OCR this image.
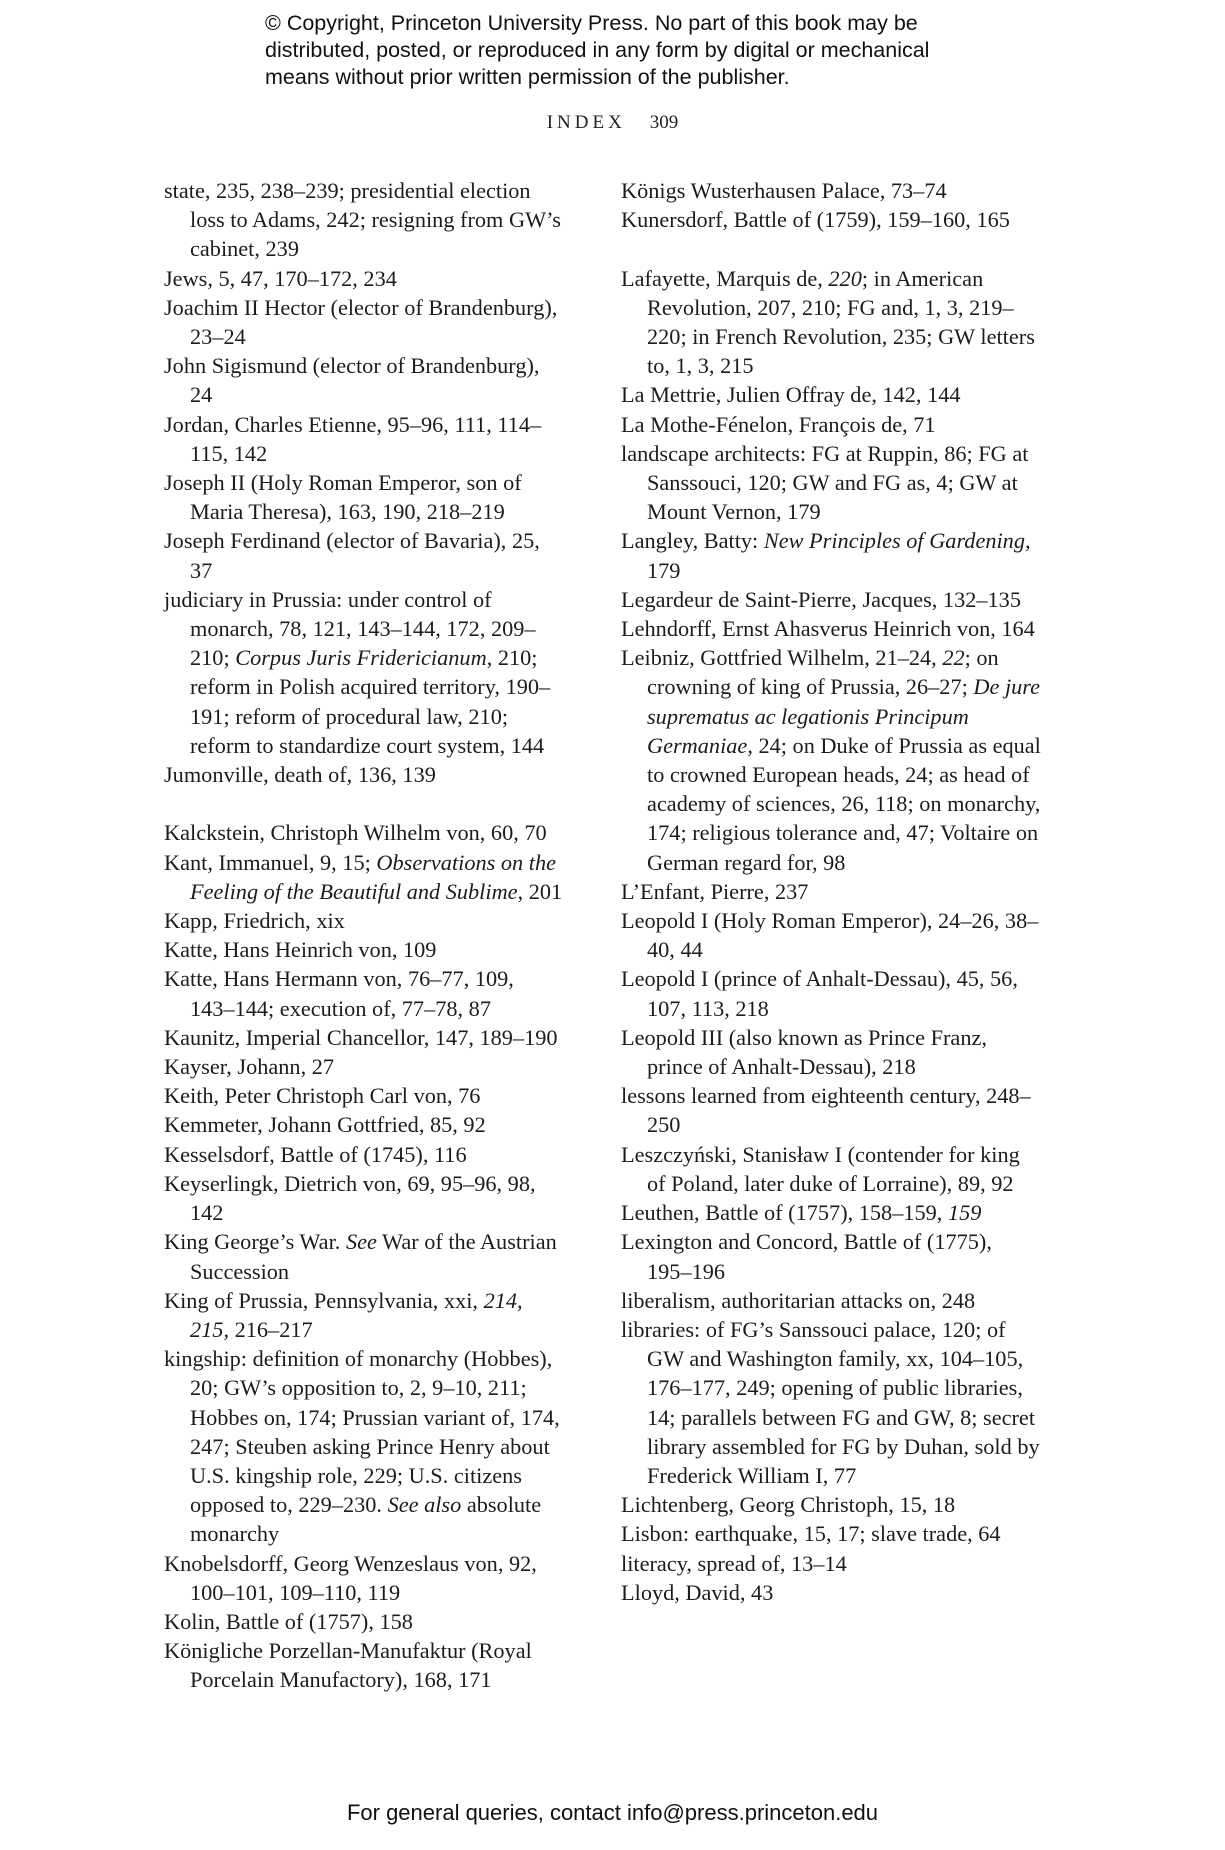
© Copyright, Princeton University Press. No part of this book may be

distributed, posted, or reproduced in any form by digital or mechanical

means without prior written permission of the publisher.

INDEX 309

state, 235, 238–239; presidential election loss to Adams, 242; resigning from GW’s cabinet, 239

Jews, 5, 47, 170–172, 234

Joachim II Hector (elector of Brandenburg), 23–24

John Sigismund (elector of Brandenburg), 24

Jordan, Charles Etienne, 95–96, 111, 114–115, 142

Joseph II (Holy Roman Emperor, son of Maria Theresa), 163, 190, 218–219

Joseph Ferdinand (elector of Bavaria), 25, 37

judiciary in Prussia: under control of monarch, 78, 121, 143–144, 172, 209–210; Corpus Juris Fridericianum, 210; reform in Polish acquired territory, 190–191; reform of procedural law, 210; reform to standardize court system, 144

Jumonville, death of, 136, 139

Kalckstein, Christoph Wilhelm von, 60, 70

Kant, Immanuel, 9, 15; Observations on the Feeling of the Beautiful and Sublime, 201

Kapp, Friedrich, xix

Katte, Hans Heinrich von, 109

Katte, Hans Hermann von, 76–77, 109, 143–144; execution of, 77–78, 87

Kaunitz, Imperial Chancellor, 147, 189–190

Kayser, Johann, 27

Keith, Peter Christoph Carl von, 76

Kemmeter, Johann Gottfried, 85, 92

Kesselsdorf, Battle of (1745), 116

Keyserlingk, Dietrich von, 69, 95–96, 98, 142

King George’s War. See War of the Austrian Succession

King of Prussia, Pennsylvania, xxi, 214, 215, 216–217

kingship: definition of monarchy (Hobbes), 20; GW’s opposition to, 2, 9–10, 211; Hobbes on, 174; Prussian variant of, 174, 247; Steuben asking Prince Henry about U.S. kingship role, 229; U.S. citizens opposed to, 229–230. See also absolute monarchy

Knobelsdorff, Georg Wenzeslaus von, 92, 100–101, 109–110, 119

Kolin, Battle of (1757), 158

Königliche Porzellan-Manufaktur (Royal Porcelain Manufactory), 168, 171

Königs Wusterhausen Palace, 73–74

Kunersdorf, Battle of (1759), 159–160, 165

Lafayette, Marquis de, 220; in American Revolution, 207, 210; FG and, 1, 3, 219–220; in French Revolution, 235; GW letters to, 1, 3, 215

La Mettrie, Julien Offray de, 142, 144

La Mothe-Fénelon, François de, 71

landscape architects: FG at Ruppin, 86; FG at Sanssouci, 120; GW and FG as, 4; GW at Mount Vernon, 179

Langley, Batty: New Principles of Gardening, 179

Legardeur de Saint-Pierre, Jacques, 132–135

Lehndorff, Ernst Ahasverus Heinrich von, 164

Leibniz, Gottfried Wilhelm, 21–24, 22; on crowning of king of Prussia, 26–27; De jure suprematus ac legationis Principum Germaniae, 24; on Duke of Prussia as equal to crowned European heads, 24; as head of academy of sciences, 26, 118; on monarchy, 174; religious tolerance and, 47; Voltaire on German regard for, 98

L’Enfant, Pierre, 237

Leopold I (Holy Roman Emperor), 24–26, 38–40, 44

Leopold I (prince of Anhalt-Dessau), 45, 56, 107, 113, 218

Leopold III (also known as Prince Franz, prince of Anhalt-Dessau), 218

lessons learned from eighteenth century, 248–250

Leszczyński, Stanisław I (contender for king of Poland, later duke of Lorraine), 89, 92

Leuthen, Battle of (1757), 158–159, 159

Lexington and Concord, Battle of (1775), 195–196

liberalism, authoritarian attacks on, 248

libraries: of FG’s Sanssouci palace, 120; of GW and Washington family, xx, 104–105, 176–177, 249; opening of public libraries, 14; parallels between FG and GW, 8; secret library assembled for FG by Duhan, sold by Frederick William I, 77

Lichtenberg, Georg Christoph, 15, 18

Lisbon: earthquake, 15, 17; slave trade, 64

literacy, spread of, 13–14

Lloyd, David, 43

For general queries, contact info@press.princeton.edu
